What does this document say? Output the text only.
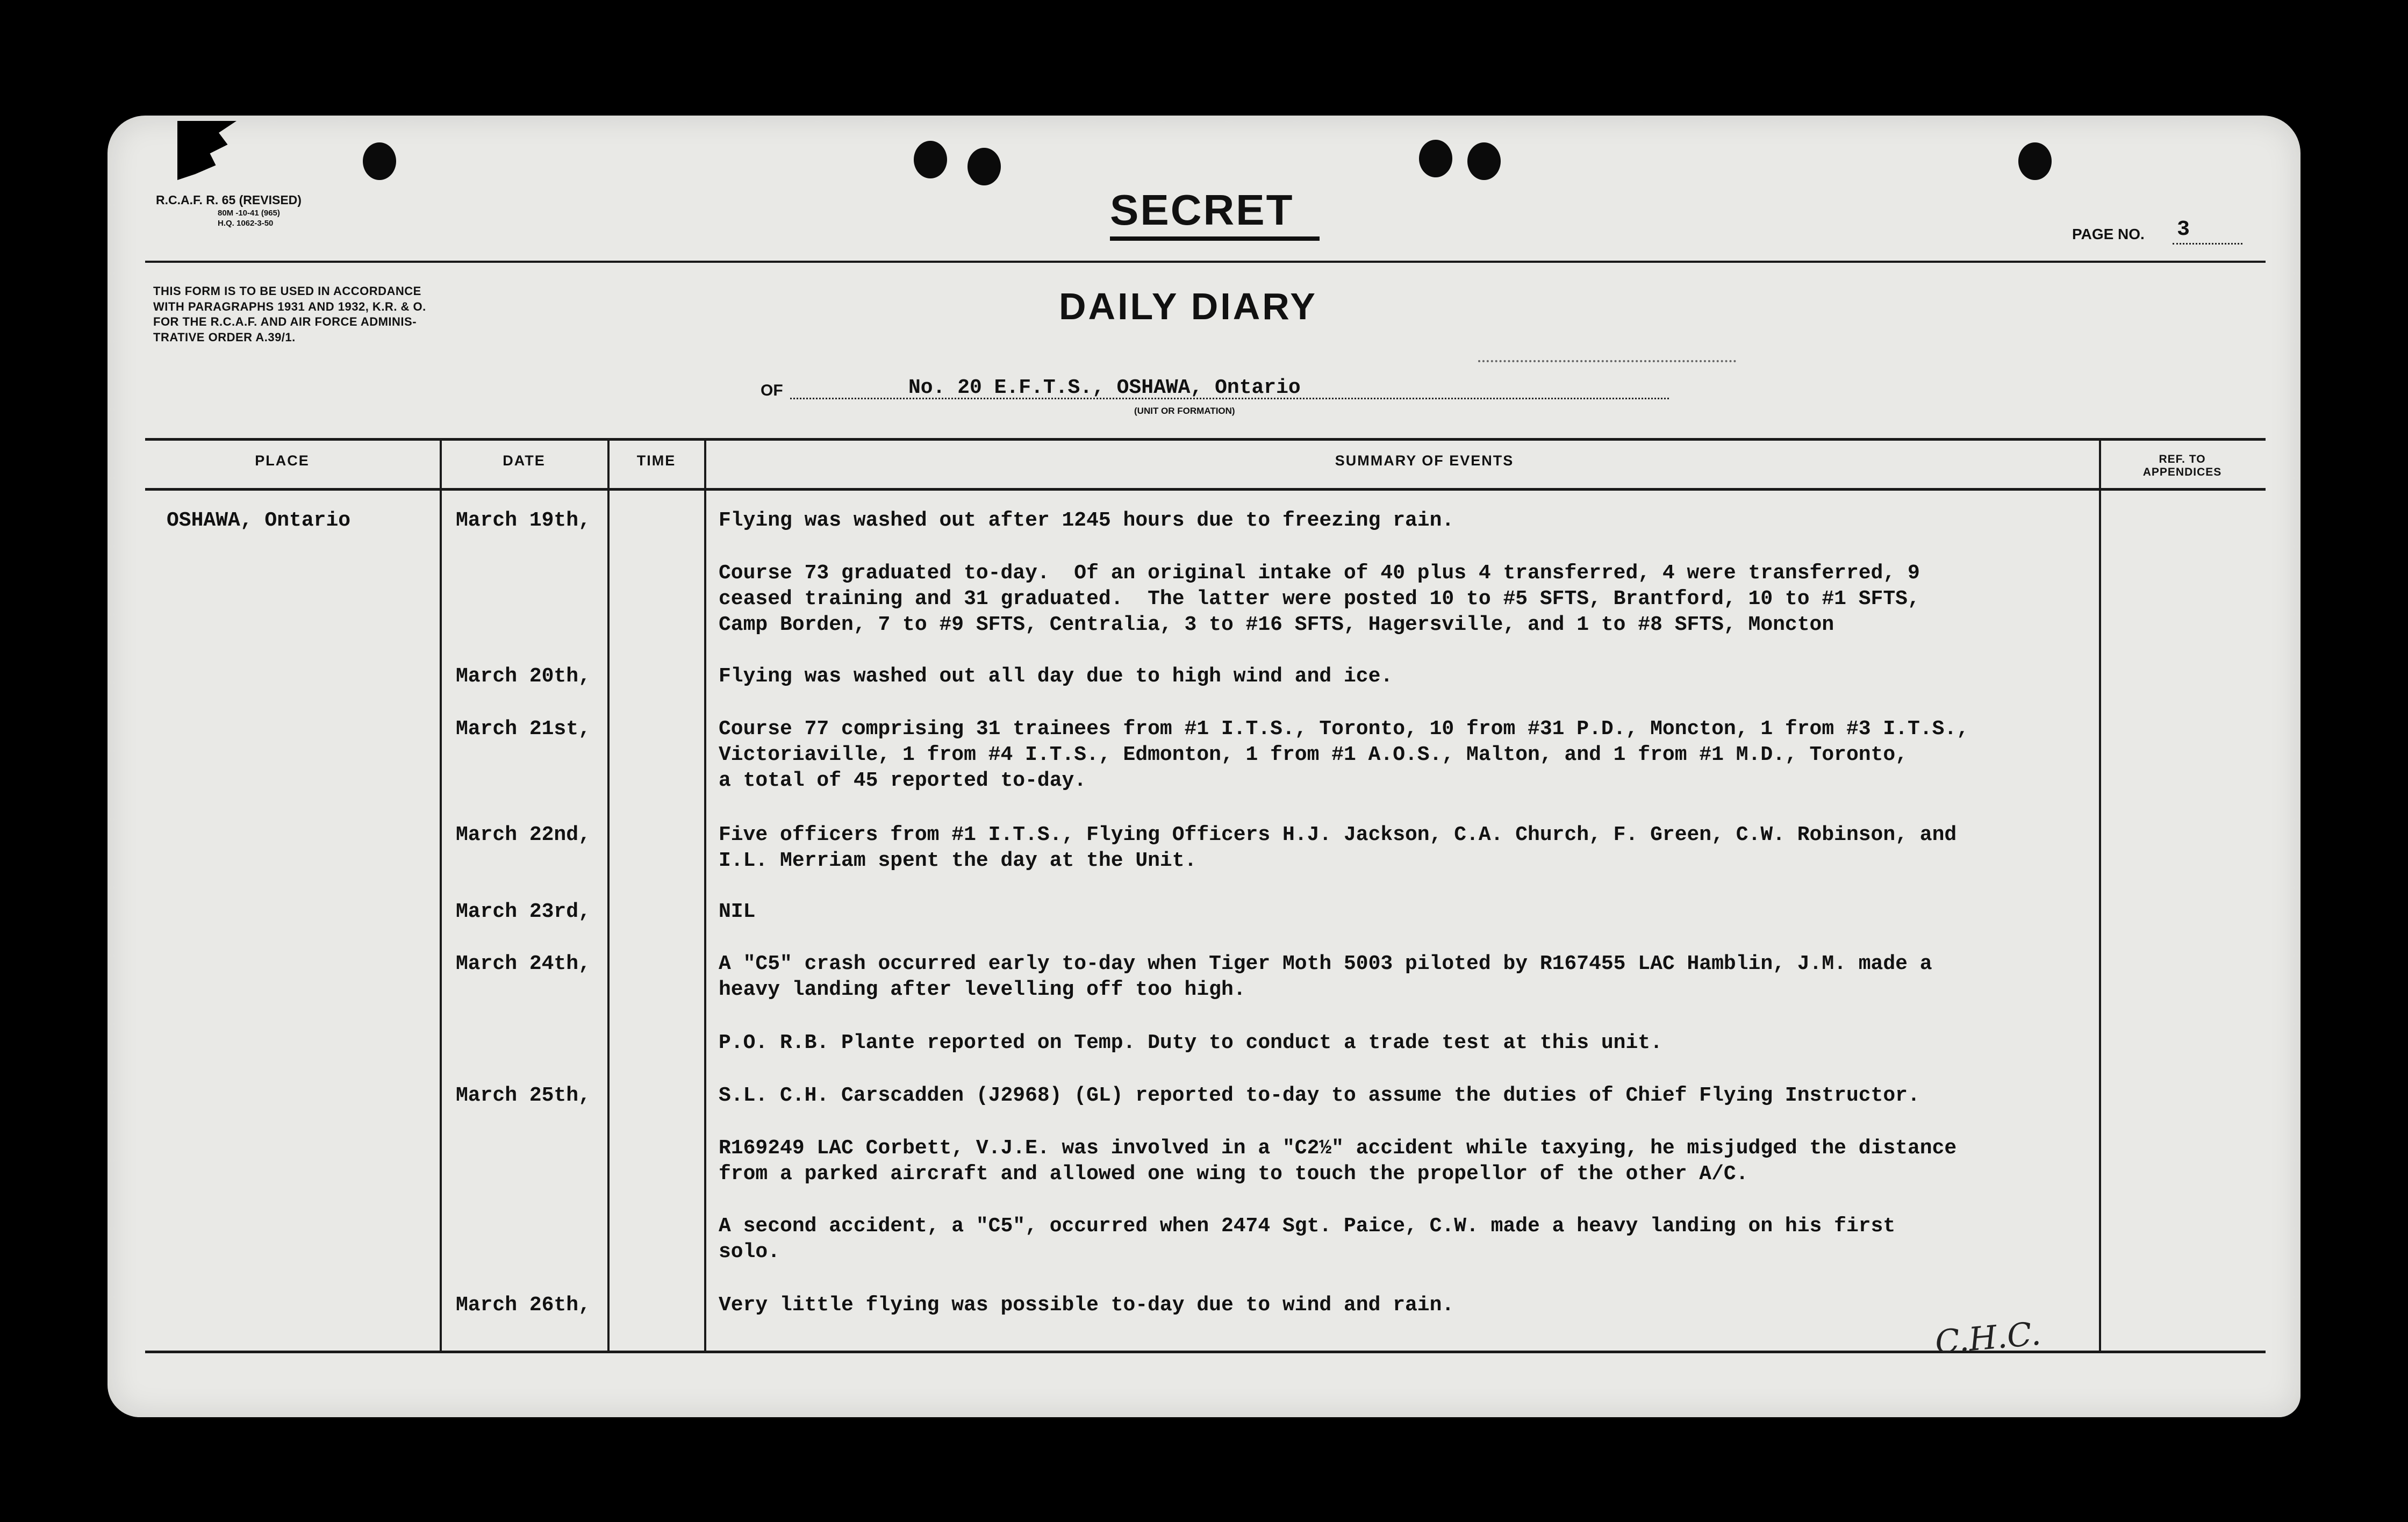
R.C.A.F. R. 65 (REVISED)
80M -10-41 (965)
H.Q. 1062-3-50
THIS FORM IS TO BE USED IN ACCORDANCE
WITH PARAGRAPHS 1931 AND 1932, K.R. & O.
FOR THE R.C.A.F. AND AIR FORCE ADMINIS-
TRATIVE ORDER A.39/1.
SECRET
PAGE NO. 3
DAILY DIARY
OF	No. 20 E.F.T.S., OSHAWA, Ontario
(UNIT OR FORMATION)
PLACE	DATE	TIME	SUMMARY OF EVENTS	REF. TO
APPENDICES
OSHAWA, Ontario	March 19th,	Flying was washed out after 1245 hours due to freezing rain.
Course 73 graduated to-day.  Of an original intake of 40 plus 4 transferred, 4 were transferred, 9
ceased training and 31 graduated.  The latter were posted 10 to #5 SFTS, Brantford, 10 to #1 SFTS,
Camp Borden, 7 to #9 SFTS, Centralia, 3 to #16 SFTS, Hagersville, and 1 to #8 SFTS, Moncton
March 20th,	Flying was washed out all day due to high wind and ice.
March 21st,	Course 77 comprising 31 trainees from #1 I.T.S., Toronto, 10 from #31 P.D., Moncton, 1 from #3 I.T.S.,
Victoriaville, 1 from #4 I.T.S., Edmonton, 1 from #1 A.O.S., Malton, and 1 from #1 M.D., Toronto,
a total of 45 reported to-day.
March 22nd,	Five officers from #1 I.T.S., Flying Officers H.J. Jackson, C.A. Church, F. Green, C.W. Robinson, and
I.L. Merriam spent the day at the Unit.
March 23rd,	NIL
March 24th,	A "C5" crash occurred early to-day when Tiger Moth 5003 piloted by R167455 LAC Hamblin, J.M. made a
heavy landing after levelling off too high.
P.O. R.B. Plante reported on Temp. Duty to conduct a trade test at this unit.
March 25th,	S.L. C.H. Carscadden (J2968) (GL) reported to-day to assume the duties of Chief Flying Instructor.
R169249 LAC Corbett, V.J.E. was involved in a "C2½" accident while taxying, he misjudged the distance
from a parked aircraft and allowed one wing to touch the propellor of the other A/C.
A second accident, a "C5", occurred when 2474 Sgt. Paice, C.W. made a heavy landing on his first
solo.
March 26th,	Very little flying was possible to-day due to wind and rain.
C.H.C.
